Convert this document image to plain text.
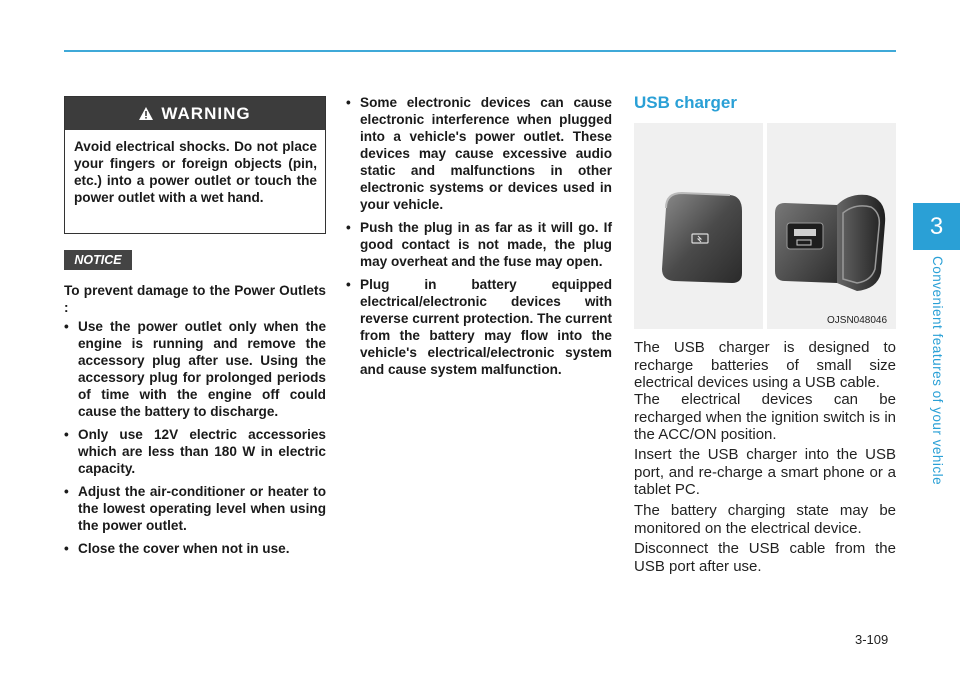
3
Convenient features of your vehicle
WARNING
Avoid electrical shocks. Do not place your fingers or foreign objects (pin, etc.) into a power outlet or touch the power outlet with a wet hand.
NOTICE
To prevent damage to the Power Outlets :
• Use the power outlet only when the engine is running and remove the accessory plug after use. Using the accessory plug for prolonged periods of time with the engine off could cause the battery to discharge.
• Only use 12V electric accessories which are less than 180 W in electric capacity.
• Adjust the air-conditioner or heater to the lowest operating level when using the power outlet.
• Close the cover when not in use.
• Some electronic devices can cause electronic interference when plugged into a vehicle's power outlet. These devices may cause excessive audio static and malfunctions in other electronic systems or devices used in your vehicle.
• Push the plug in as far as it will go. If good contact is not made, the plug may overheat and the fuse may open.
• Plug in battery equipped electrical/electronic devices with reverse current protection. The current from the battery may flow into the vehicle's electrical/electronic system and cause system malfunction.
USB charger
OJSN048046
The USB charger is designed to recharge batteries of small size electrical devices using a USB cable.
The electrical devices can be recharged when the ignition switch is in the ACC/ON position.
Insert the USB charger into the USB port, and re-charge a smart phone or a tablet PC.
The battery charging state may be monitored on the electrical device.
Disconnect the USB cable from the USB port after use.
3-109
